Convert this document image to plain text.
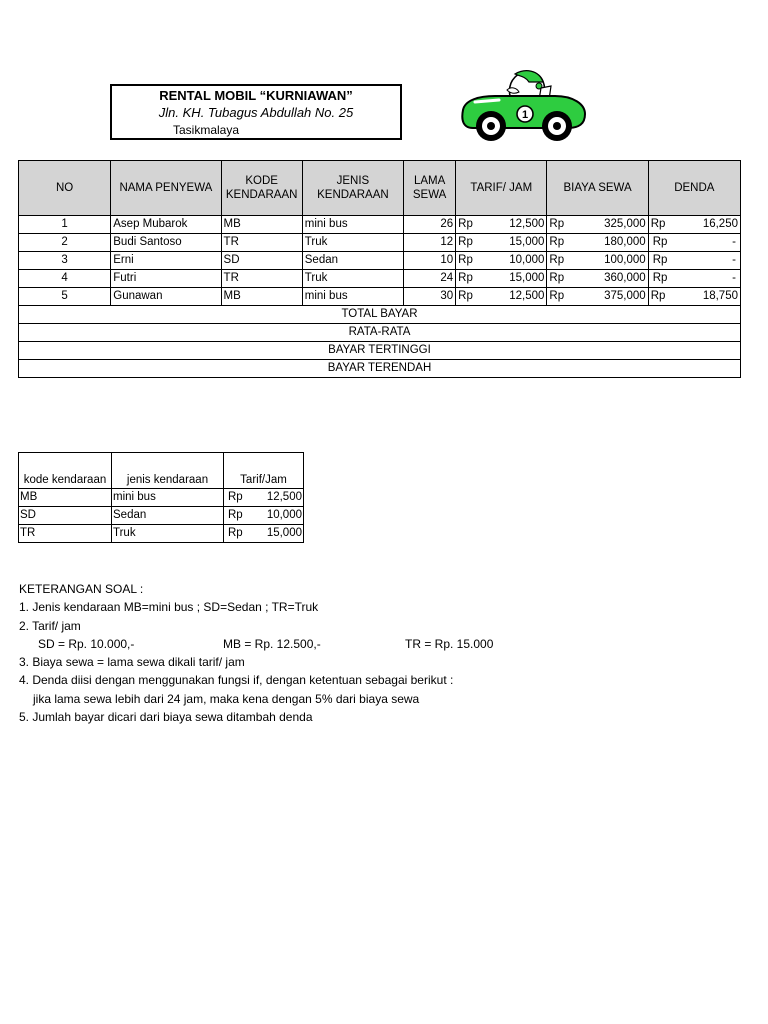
RENTAL MOBIL “KURNIAWAN”
Jln. KH. Tubagus Abdullah No. 25
Tasikmalaya
1
NO	NAMA PENYEWA	KODE KENDARAAN	JENIS KENDARAAN	LAMA SEWA	TARIF/ JAM	BIAYA SEWA	DENDA
1	Asep Mubarok	MB	mini bus	26	Rp 12,500	Rp 325,000	Rp 16,250

2	Budi Santoso	TR	Truk	12	Rp 15,000	Rp 180,000	Rp -

3	Erni	SD	Sedan	10	Rp 10,000	Rp 100,000	Rp -

4	Futri	TR	Truk	24	Rp 15,000	Rp 360,000	Rp -

5	Gunawan	MB	mini bus	30	Rp 12,500	Rp 375,000	Rp 18,750

TOTAL BAYAR							
RATA-RATA							
BAYAR TERTINGGI							
BAYAR TERENDAH							
kode kendaraan	jenis kendaraan	Tarif/Jam
MB	mini bus	Rp 12,500

SD	Sedan	Rp 10,000

TR	Truk	Rp 15,000
KETERANGAN SOAL :
1. Jenis kendaraan MB=mini bus ; SD=Sedan ; TR=Truk
2. Tarif/ jam
SD = Rp. 10.000,-	MB = Rp. 12.500,-	TR = Rp. 15.000
3. Biaya sewa = lama sewa dikali tarif/ jam
4. Denda diisi dengan menggunakan fungsi if, dengan ketentuan sebagai berikut :
jika lama sewa lebih dari 24 jam, maka kena dengan 5% dari biaya sewa
5. Jumlah bayar dicari dari biaya sewa ditambah denda
